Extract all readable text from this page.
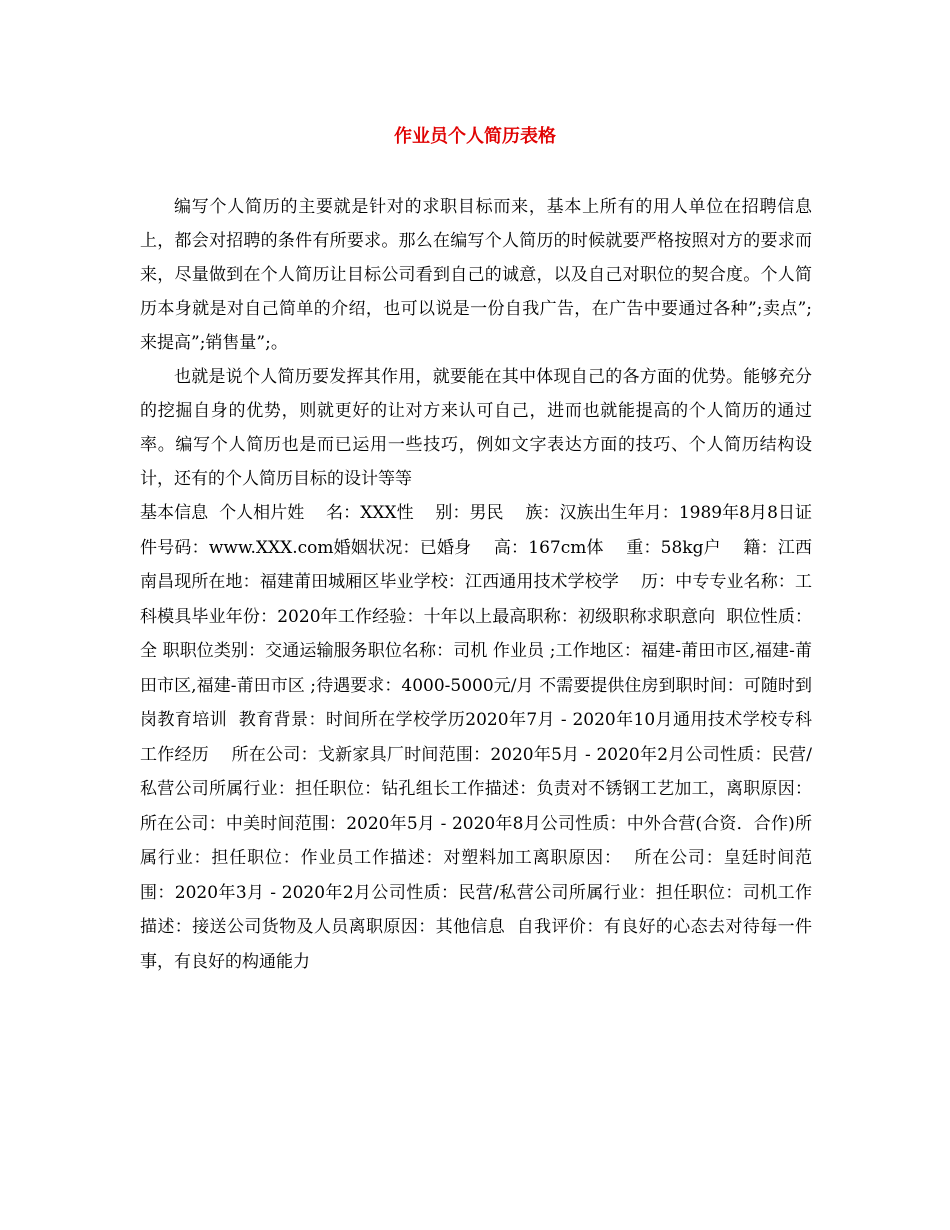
作业员个人简历表格

编写个人简历的主要就是针对的求职目标而来，基本上所有的用人单位在招聘信息上，都会对招聘的条件有所要求。那么在编写个人简历的时候就要严格按照对方的要求而来，尽量做到在个人简历让目标公司看到自己的诚意，以及自己对职位的契合度。个人简历本身就是对自己简单的介绍，也可以说是一份自我广告，在广告中要通过各种”;卖点”;来提高”;销售量”;。

也就是说个人简历要发挥其作用，就要能在其中体现自己的各方面的优势。能够充分的挖掘自身的优势，则就更好的让对方来认可自己，进而也就能提高的个人简历的通过率。编写个人简历也是而已运用一些技巧，例如文字表达方面的技巧、个人简历结构设计，还有的个人简历目标的设计等等

基本信息  个人相片姓    名：XXX性    别：男民    族：汉族出生年月：1989年8月8日证件号码：www.XXX.com婚姻状况：已婚身    高：167cm体    重：58kg户    籍：江西南昌现所在地：福建莆田城厢区毕业学校：江西通用技术学校学    历：中专专业名称：工科模具毕业年份：2020年工作经验：十年以上最高职称：初级职称求职意向  职位性质：全 职职位类别：交通运输服务职位名称：司机 作业员 ;工作地区：福建-莆田市区,福建-莆田市区,福建-莆田市区 ;待遇要求：4000-5000元/月 不需要提供住房到职时间：可随时到岗教育培训  教育背景：时间所在学校学历2020年7月 - 2020年10月通用技术学校专科工作经历    所在公司：戈新家具厂时间范围：2020年5月 - 2020年2月公司性质：民营/私营公司所属行业：担任职位：钻孔组长工作描述：负责对不锈钢工艺加工，离职原因：  所在公司：中美时间范围：2020年5月 - 2020年8月公司性质：中外合营(合资．合作)所属行业：担任职位：作业员工作描述：对塑料加工离职原因：  所在公司：皇廷时间范围：2020年3月 - 2020年2月公司性质：民营/私营公司所属行业：担任职位：司机工作描述：接送公司货物及人员离职原因：其他信息  自我评价：有良好的心态去对待每一件事，有良好的构通能力
